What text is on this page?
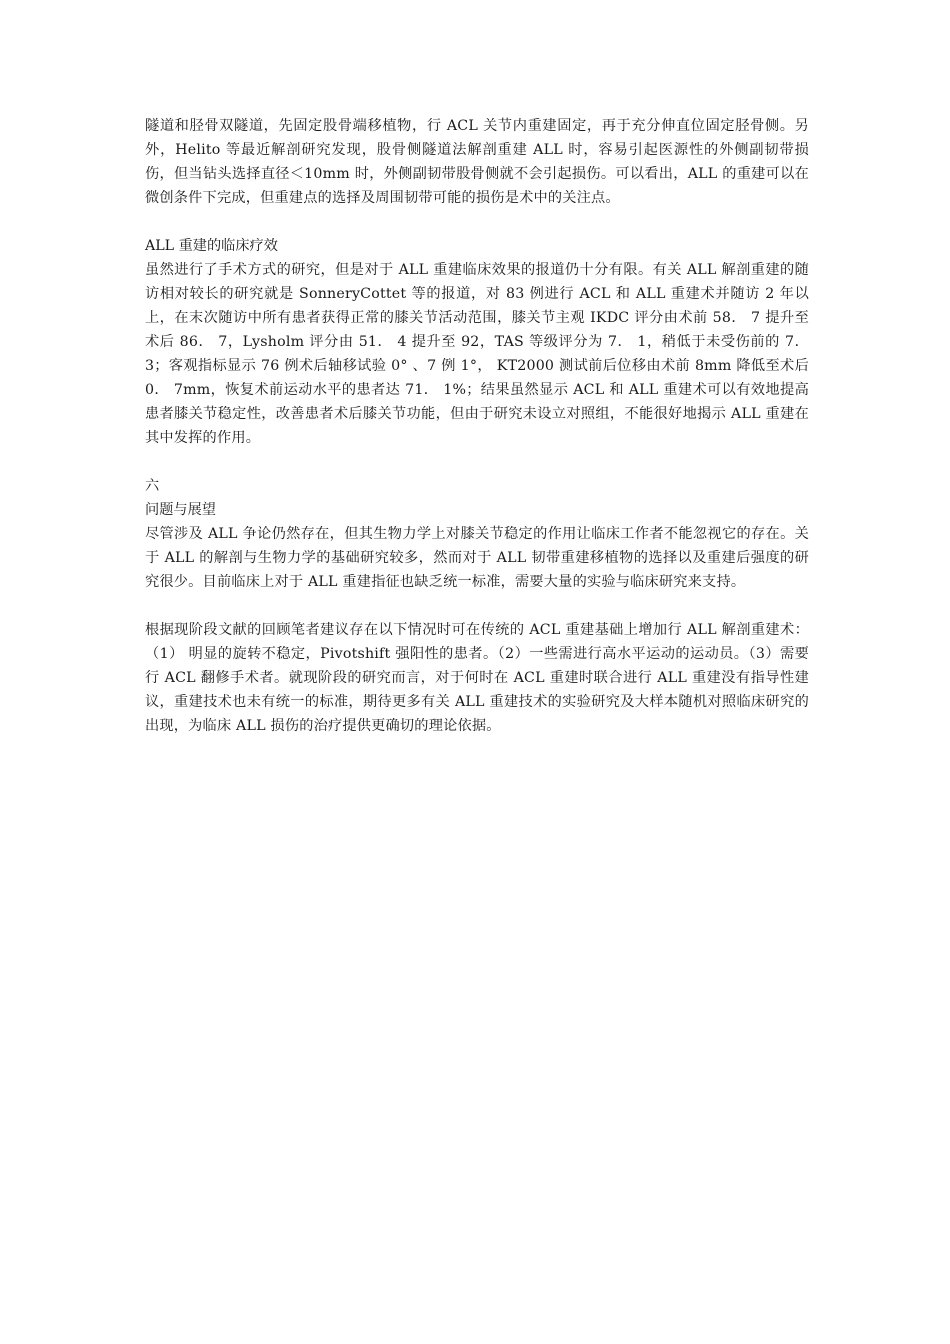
隧道和胫骨双隧道，先固定股骨端移植物，行 ACL 关节内重建固定，再于充分伸直位固定胫骨侧。另外，Helito 等最近解剖研究发现，股骨侧隧道法解剖重建 ALL 时，容易引起医源性的外侧副韧带损伤，但当钻头选择直径＜10mm 时，外侧副韧带股骨侧就不会引起损伤。可以看出，ALL 的重建可以在微创条件下完成，但重建点的选择及周围韧带可能的损伤是术中的关注点。

ALL 重建的临床疗效

虽然进行了手术方式的研究，但是对于 ALL 重建临床效果的报道仍十分有限。有关 ALL 解剖重建的随访相对较长的研究就是 SonneryCottet 等的报道，对 83 例进行 ACL 和 ALL 重建术并随访 2 年以上，在末次随访中所有患者获得正常的膝关节活动范围，膝关节主观 IKDC 评分由术前 58． 7 提升至术后 86． 7，Lysholm 评分由 51． 4 提升至 92，TAS 等级评分为 7． 1，稍低于未受伤前的 7． 3；客观指标显示 76 例术后轴移试验 0° 、7 例 1°， KT2000 测试前后位移由术前 8mm 降低至术后 0． 7mm，恢复术前运动水平的患者达 71． 1%；结果虽然显示 ACL 和 ALL 重建术可以有效地提高患者膝关节稳定性，改善患者术后膝关节功能，但由于研究未设立对照组，不能很好地揭示 ALL 重建在其中发挥的作用。

六

问题与展望

尽管涉及 ALL 争论仍然存在，但其生物力学上对膝关节稳定的作用让临床工作者不能忽视它的存在。关于 ALL 的解剖与生物力学的基础研究较多，然而对于 ALL 韧带重建移植物的选择以及重建后强度的研究很少。目前临床上对于 ALL 重建指征也缺乏统一标准，需要大量的实验与临床研究来支持。

根据现阶段文献的回顾笔者建议存在以下情况时可在传统的 ACL 重建基础上增加行 ALL 解剖重建术： （1） 明显的旋转不稳定，Pivotshift 强阳性的患者。（2）一些需进行高水平运动的运动员。（3）需要行 ACL 翻修手术者。就现阶段的研究而言，对于何时在 ACL 重建时联合进行 ALL 重建没有指导性建议，重建技术也未有统一的标准，期待更多有关 ALL 重建技术的实验研究及大样本随机对照临床研究的出现，为临床 ALL 损伤的治疗提供更确切的理论依据。
